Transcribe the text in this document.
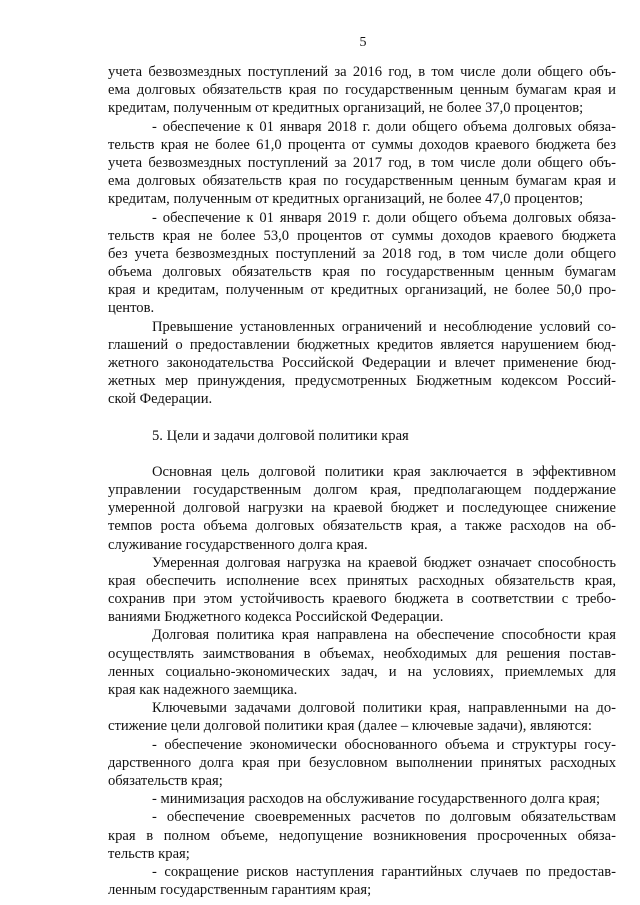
5
учета безвозмездных поступлений за 2016 год, в том числе доли общего объ-
ема долговых обязательств края по государственным ценным бумагам края и
кредитам, полученным от кредитных организаций, не более 37,0 процентов;
- обеспечение к 01 января 2018 г. доли общего объема долговых обяза-
тельств края не более 61,0 процента от суммы доходов краевого бюджета без
учета безвозмездных поступлений за 2017 год, в том числе доли общего объ-
ема долговых обязательств края по государственным ценным бумагам края и
кредитам, полученным от кредитных организаций, не более 47,0 процентов;
- обеспечение к 01 января 2019 г. доли общего объема долговых обяза-
тельств края не более 53,0 процентов от суммы доходов краевого бюджета
без учета безвозмездных поступлений за 2018 год, в том числе доли общего
объема долговых обязательств края по государственным ценным бумагам
края и кредитам, полученным от кредитных организаций, не более 50,0 про-
центов.
Превышение установленных ограничений и несоблюдение условий со-
глашений о предоставлении бюджетных кредитов является нарушением бюд-
жетного законодательства Российской Федерации и влечет применение бюд-
жетных мер принуждения, предусмотренных Бюджетным кодексом Россий-
ской Федерации.
5. Цели и задачи долговой политики края
Основная цель долговой политики края заключается в эффективном
управлении государственным долгом края, предполагающем поддержание
умеренной долговой нагрузки на краевой бюджет и последующее снижение
темпов роста объема долговых обязательств края, а также расходов на об-
служивание государственного долга края.
Умеренная долговая нагрузка на краевой бюджет означает способность
края обеспечить исполнение всех принятых расходных обязательств края,
сохранив при этом устойчивость краевого бюджета в соответствии с требо-
ваниями Бюджетного кодекса Российской Федерации.
Долговая политика края направлена на обеспечение способности края
осуществлять заимствования в объемах, необходимых для решения постав-
ленных социально-экономических задач, и на условиях, приемлемых для
края как надежного заемщика.
Ключевыми задачами долговой политики края, направленными на до-
стижение цели долговой политики края (далее – ключевые задачи), являются:
- обеспечение экономически обоснованного объема и структуры госу-
дарственного долга края при безусловном выполнении принятых расходных
обязательств края;
- минимизация расходов на обслуживание государственного долга края;
- обеспечение своевременных расчетов по долговым обязательствам
края в полном объеме, недопущение возникновения просроченных обяза-
тельств края;
- сокращение рисков наступления гарантийных случаев по предостав-
ленным государственным гарантиям края;
